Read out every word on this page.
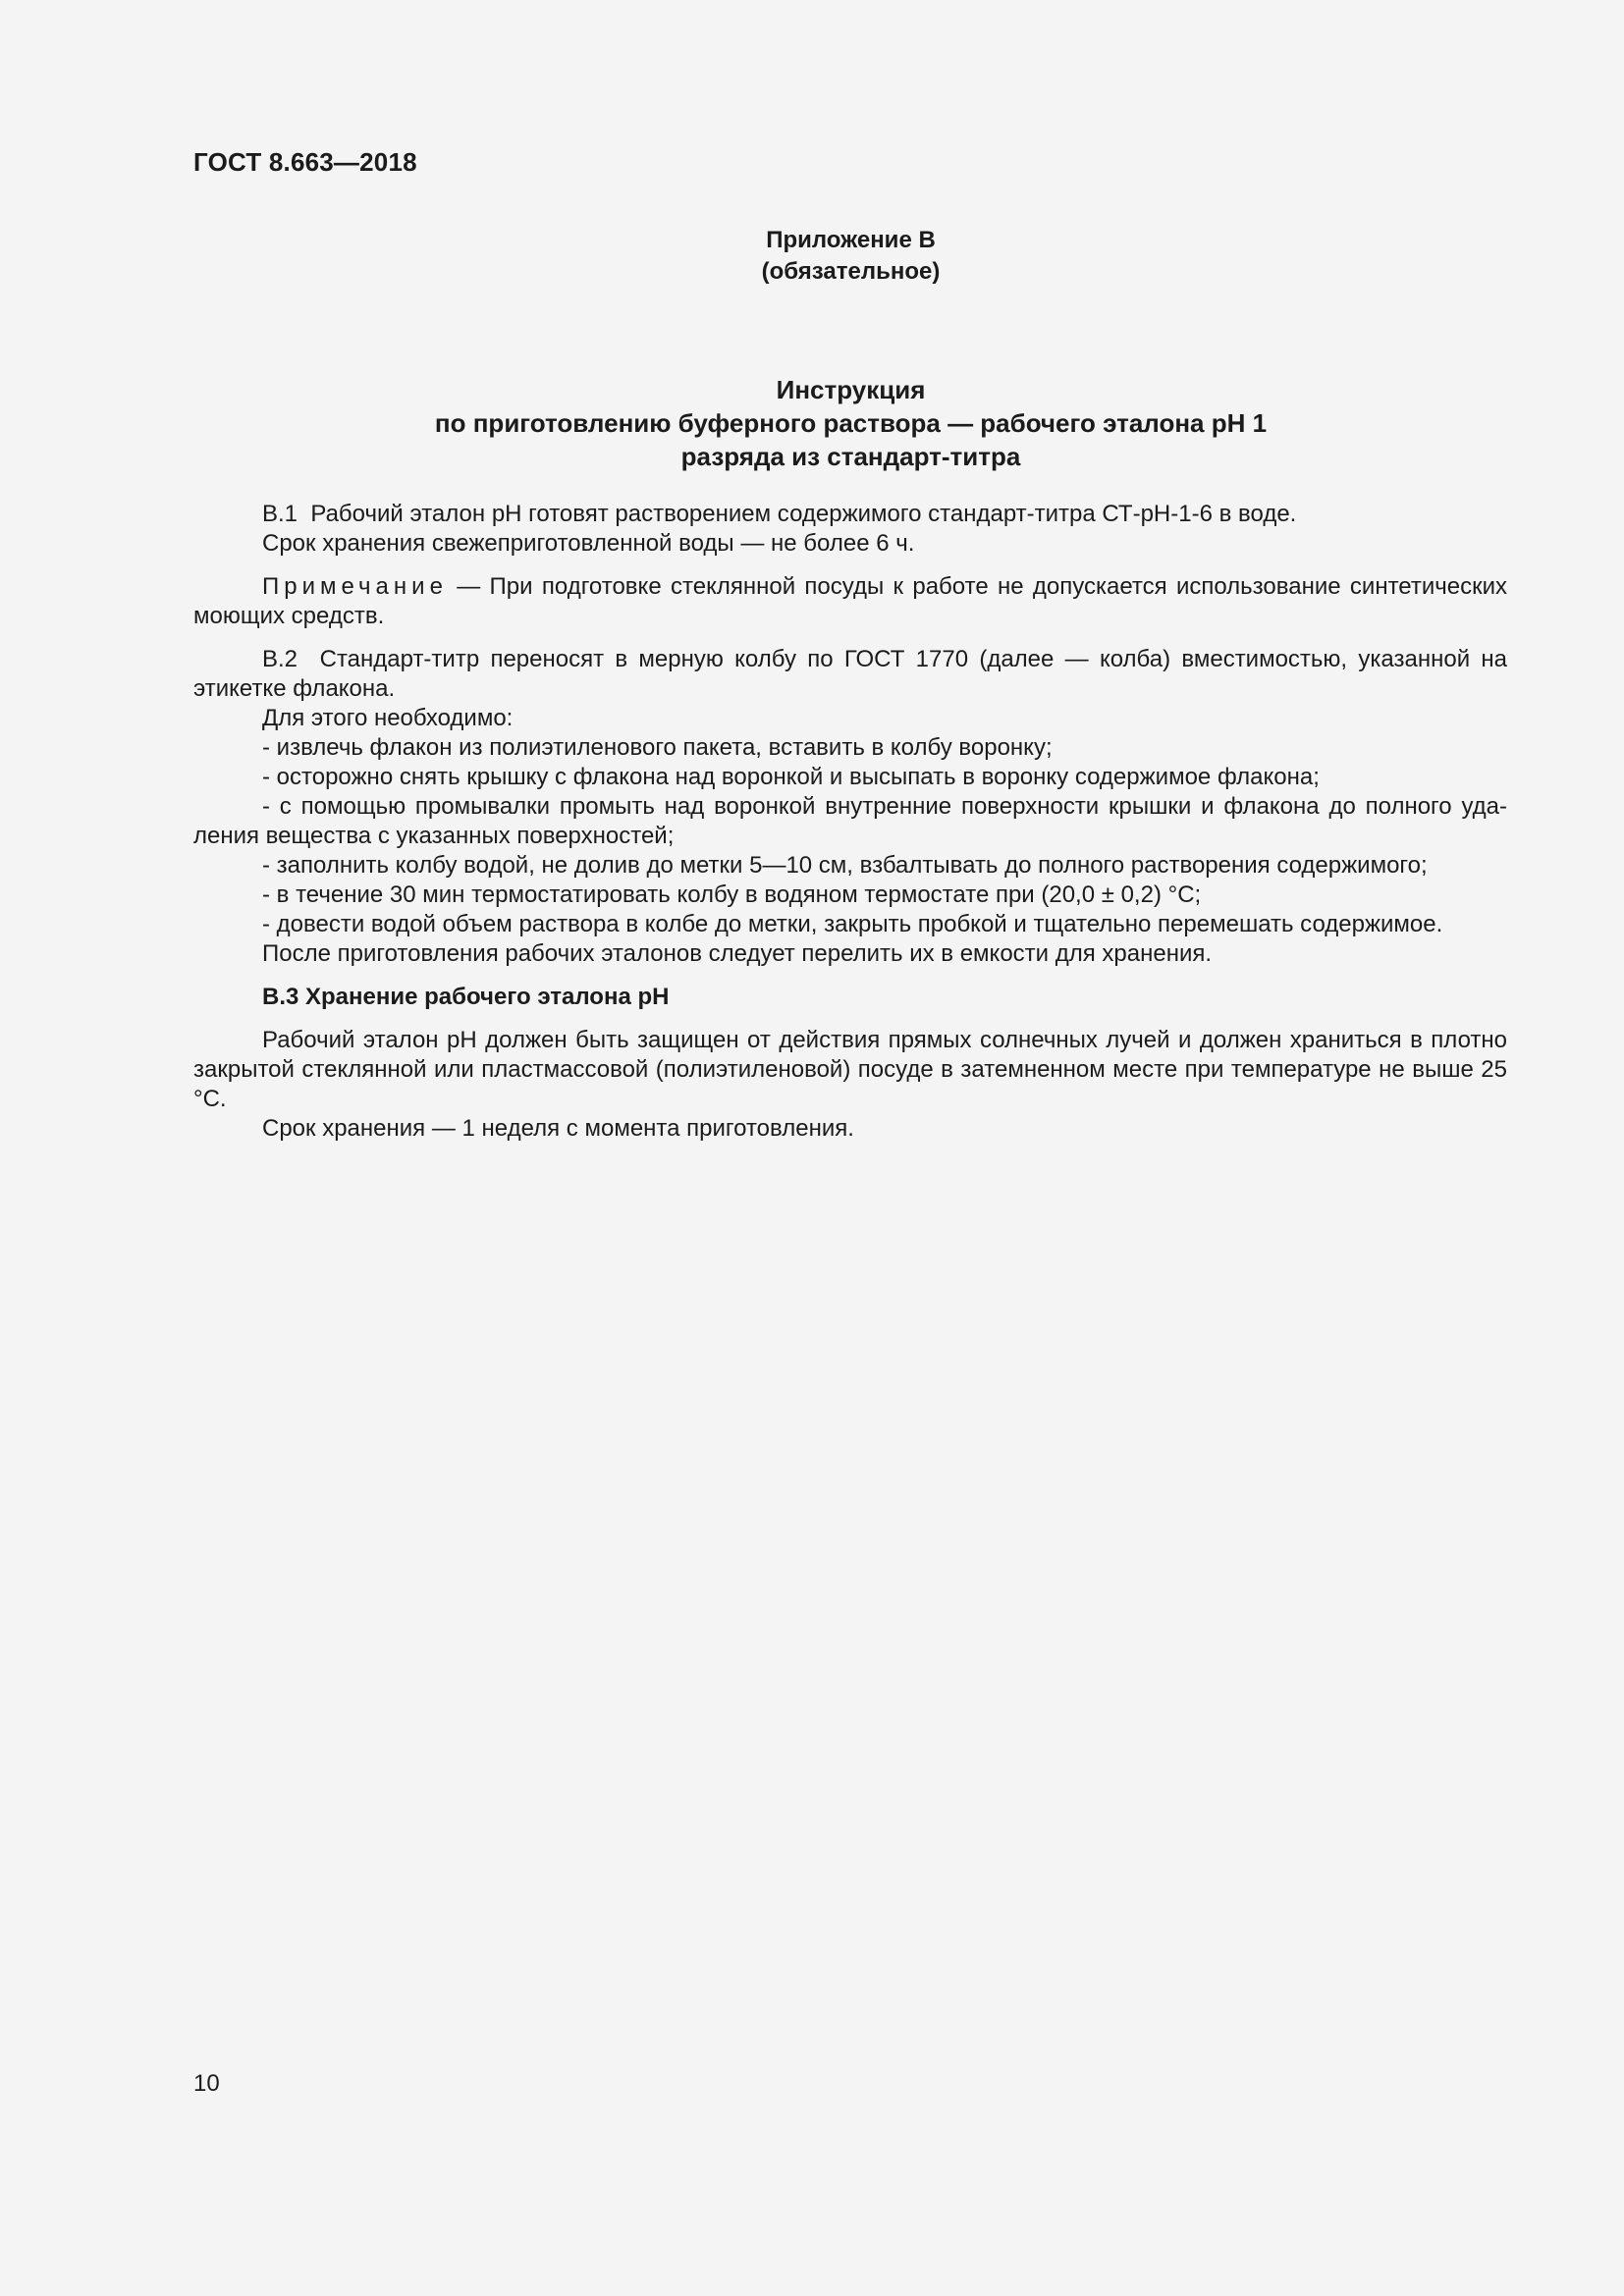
ГОСТ 8.663—2018
Приложение В
(обязательное)
Инструкция
по приготовлению буферного раствора — рабочего эталона pH 1
разряда из стандарт-титра

В.1 Рабочий эталон pH готовят растворением содержимого стандарт-титра СТ-pH-1-6 в воде.

Срок хранения свежеприготовленной воды — не более 6 ч.

Примечание — При подготовке стеклянной посуды к работе не допускается использование синтетических моющих средств.

В.2 Стандарт-титр переносят в мерную колбу по ГОСТ 1770 (далее — колба) вместимостью, указанной на этикетке флакона.

Для этого необходимо:

- извлечь флакон из полиэтиленового пакета, вставить в колбу воронку;

- осторожно снять крышку с флакона над воронкой и высыпать в воронку содержимое флакона;

- с помощью промывалки промыть над воронкой внутренние поверхности крышки и флакона до полного удаления вещества с указанных поверхностей;

- заполнить колбу водой, не долив до метки 5—10 см, взбалтывать до полного растворения содержимого;

- в течение 30 мин термостатировать колбу в водяном термостате при (20,0 ± 0,2) °С;

- довести водой объем раствора в колбе до метки, закрыть пробкой и тщательно перемешать содержимое.

После приготовления рабочих эталонов следует перелить их в емкости для хранения.

В.3 Хранение рабочего эталона pH

Рабочий эталон pH должен быть защищен от действия прямых солнечных лучей и должен храниться в плотно закрытой стеклянной или пластмассовой (полиэтиленовой) посуде в затемненном месте при температуре не выше 25 °С.

Срок хранения — 1 неделя с момента приготовления.

10
